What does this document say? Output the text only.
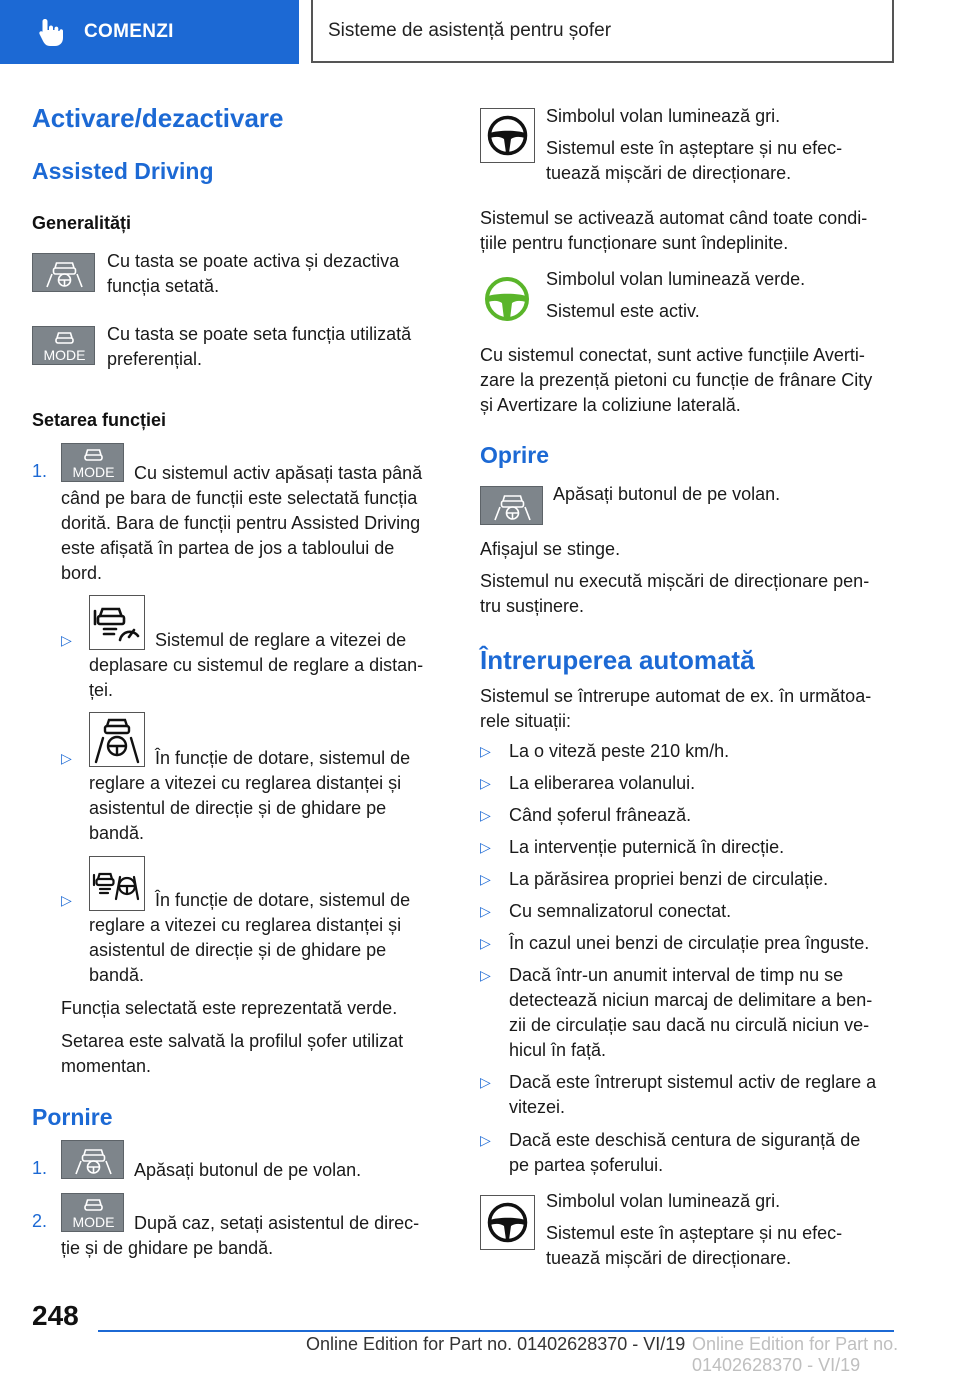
COMENZI	Sisteme de asistență pentru șofer
Activare/dezactivare
Assisted Driving
Generalități
Cu tasta se poate activa și dezactiva
funcția setată.
MODE
Cu tasta se poate seta funcția utilizată
preferențial.
Setarea funcției
1. MODE Cu sistemul activ apăsați tasta până
când pe bara de funcții este selectată funcția
dorită. Bara de funcții pentru Assisted Driving
este afișată în partea de jos a tabloului de
bord.
▷	Sistemul de reglare a vitezei de
deplasare cu sistemul de reglare a distan-
ței.
▷	În funcție de dotare, sistemul de
reglare a vitezei cu reglarea distanței și
asistentul de direcție și de ghidare pe
bandă.
▷	În funcție de dotare, sistemul de
reglare a vitezei cu reglarea distanței și
asistentul de direcție și de ghidare pe
bandă.
Funcția selectată este reprezentată verde.
Setarea este salvată la profilul șofer utilizat
momentan.
Pornire
1.	Apăsați butonul de pe volan.
2. MODE După caz, setați asistentul de direc-
ție și de ghidare pe bandă.
Simbolul volan luminează gri.
Sistemul este în așteptare și nu efec-
tuează mișcări de direcționare.
Sistemul se activează automat când toate condi-
țiile pentru funcționare sunt îndeplinite.
Simbolul volan luminează verde.
Sistemul este activ.
Cu sistemul conectat, sunt active funcțiile Averti-
zare la prezență pietoni cu funcție de frânare City
și Avertizare la coliziune laterală.
Oprire
Apăsați butonul de pe volan.
Afișajul se stinge.
Sistemul nu execută mișcări de direcționare pen-
tru susținere.
Întreruperea automată
Sistemul se întrerupe automat de ex. în următoa-
rele situații:
▷ La o viteză peste 210 km/h.
▷ La eliberarea volanului.
▷ Când șoferul frânează.
▷ La intervenție puternică în direcție.
▷ La părăsirea propriei benzi de circulație.
▷ Cu semnalizatorul conectat.
▷ În cazul unei benzi de circulație prea înguste.
▷ Dacă într-un anumit interval de timp nu se
detectează niciun marcaj de delimitare a ben-
zii de circulație sau dacă nu circulă niciun ve-
hicul în față.
▷ Dacă este întrerupt sistemul activ de reglare a
vitezei.
▷ Dacă este deschisă centura de siguranță de
pe partea șoferului.
Simbolul volan luminează gri.
Sistemul este în așteptare și nu efec-
tuează mișcări de direcționare.
248
Online Edition for Part no. 01402628370 - VI/19 Online Edition for Part no. 01402628370 - VI/19
